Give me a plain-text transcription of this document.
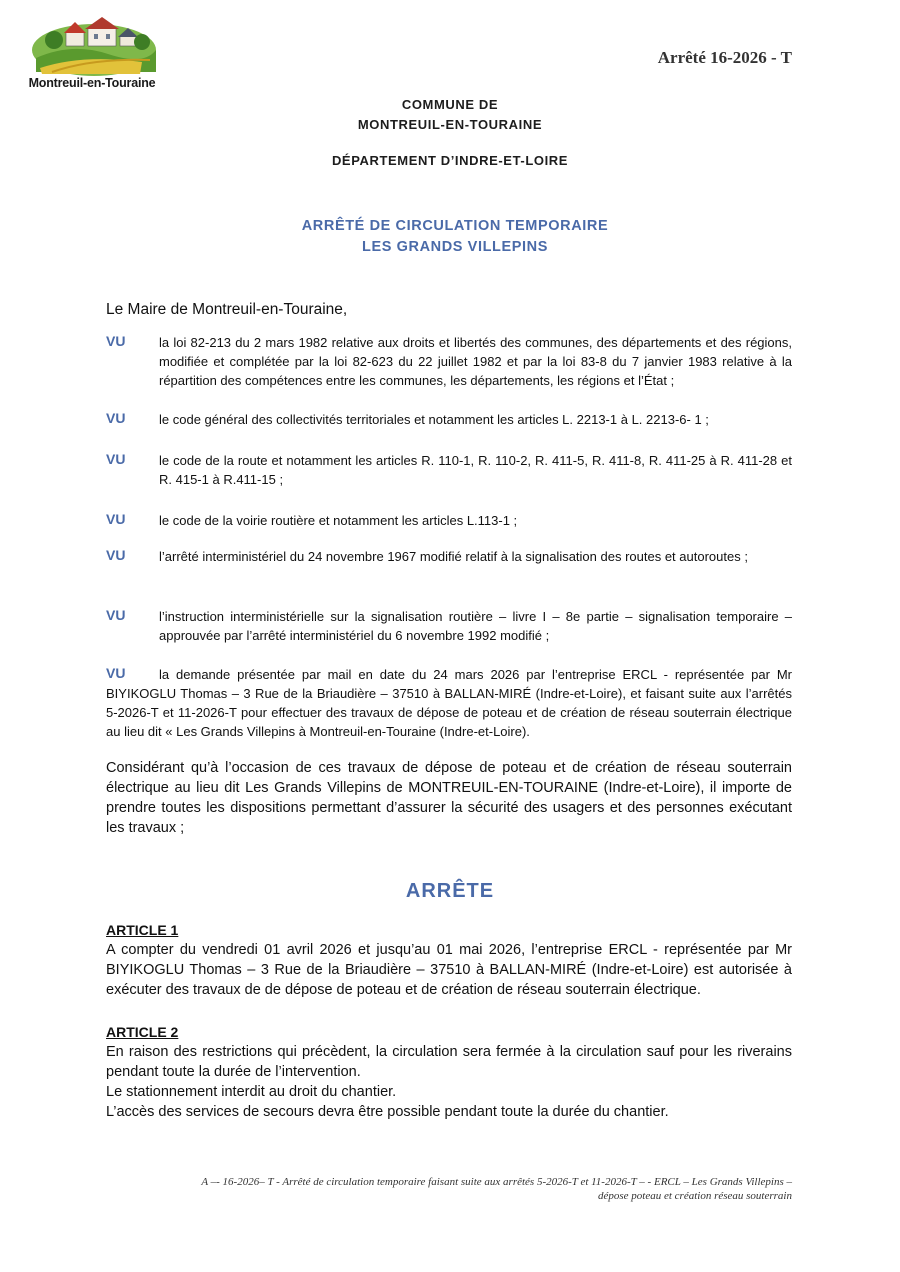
Montreuil-en-Touraine
Arrêté 16-2026 - T
COMMUNE DE
MONTREUIL-EN-TOURAINE
DÉPARTEMENT D’INDRE-ET-LOIRE
ARRÊTÉ DE CIRCULATION TEMPORAIRE
LES GRANDS VILLEPINS
Le Maire de Montreuil-en-Touraine,
VU	la loi 82-213 du 2 mars 1982 relative aux droits et libertés des communes, des départements et des régions, modifiée et complétée par la loi 82-623 du 22 juillet 1982 et par la loi 83-8 du 7 janvier 1983 relative à la répartition des compétences entre les communes, les départements, les régions et l’État ;
VU	le code général des collectivités territoriales et notamment les articles L. 2213-1 à L. 2213-6- 1 ;
VU	le code de la route et notamment les articles R. 110-1, R. 110-2, R. 411-5, R. 411-8, R. 411-25 à R. 411-28 et R. 415-1 à R.411-15 ;
VU	le code de la voirie routière et notamment les articles L.113-1 ;
VU	l’arrêté interministériel du 24 novembre 1967 modifié relatif à la signalisation des routes et autoroutes ;
VU	l’instruction interministérielle sur la signalisation routière – livre I – 8e partie – signalisation temporaire – approuvée par l’arrêté interministériel du 6 novembre 1992 modifié ;
VU	la demande présentée par mail en date du 24 mars 2026 par l’entreprise ERCL - représentée par Mr BIYIKOGLU Thomas – 3 Rue de la Briaudière – 37510 à BALLAN-MIRÉ (Indre-et-Loire), et faisant suite aux l’arrêtés 5-2026-T et 11-2026-T pour effectuer des travaux de dépose de poteau et de création de réseau souterrain électrique au lieu dit « Les Grands Villepins à Montreuil-en-Touraine (Indre-et-Loire).
Considérant qu’à l’occasion de ces travaux de dépose de poteau et de création de réseau souterrain électrique au lieu dit Les Grands Villepins de MONTREUIL-EN-TOURAINE (Indre-et-Loire), il importe de prendre toutes les dispositions permettant d’assurer la sécurité des usagers et des personnes exécutant les travaux ;
ARRÊTE
ARTICLE 1
A compter du vendredi 01 avril 2026 et jusqu’au 01 mai 2026, l’entreprise ERCL - représentée par Mr BIYIKOGLU Thomas – 3 Rue de la Briaudière – 37510 à BALLAN-MIRÉ (Indre-et-Loire) est autorisée à exécuter des travaux de de dépose de poteau et de création de réseau souterrain électrique.
ARTICLE 2

En raison des restrictions qui précèdent, la circulation sera fermée à la circulation sauf pour les riverains pendant toute la durée de l’intervention.

Le stationnement interdit au droit du chantier.

L’accès des services de secours devra être possible pendant toute la durée du chantier.

A –- 16-2026– T - Arrêté de circulation temporaire faisant suite aux arrêtés 5-2026-T et 11-2026-T – - ERCL – Les Grands Villepins –
dépose poteau et création réseau souterrain
